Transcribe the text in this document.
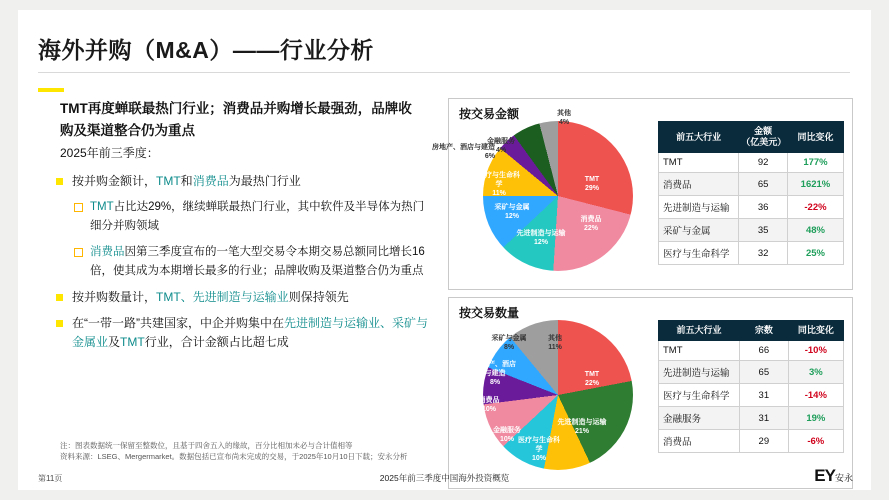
海外并购（M&A）——行业分析
TMT再度蝉联最热门行业；消费品并购增长最强劲，品牌收购及渠道整合仍为重点
2025年前三季度：
按并购金额计，TMT和消费品为最热门行业
TMT占比达29%，继续蝉联最热门行业，其中软件及半导体为热门细分并购领域
消费品因第三季度宣布的一笔大型交易令本期交易总额同比增长16倍，使其成为本期增长最多的行业；品牌收购及渠道整合仍为重点
按并购数量计，TMT、先进制造与运输业则保持领先
在“一带一路”共建国家，中企并购集中在先进制造与运输业、采矿与金属业及TMT行业，合计金额占比超七成
注：图表数据统一保留至整数位，且基于四舍五入的缘故，百分比相加未必与合计值相等
资料来源：LSEG、Mergermarket。数据包括已宣布尚未完成的交易，于2025年10月10日下载；安永分析
按交易金额
TMT
29%
消费品
22%
先进制造与运输
12%
采矿与金属
12%
医疗与生命科学
11%
金融服务
4%
房地产、酒店与建造
6%
其他
4%
前五大行业	金额
（亿美元）	同比变化
TMT	92	177%
消费品	65	1621%
先进制造与运输	36	-22%
采矿与金属	35	48%
医疗与生命科学	32	25%
按交易数量
TMT
22%
先进制造与运输
21%
医疗与生命科学
10%
金融服务
10%
消费品
10%
房地产、酒店与建造
8%
采矿与金属
8%
其他
11%
前五大行业	宗数	同比变化
TMT	66	-10%
先进制造与运输	65	3%
医疗与生命科学	31	-14%
金融服务	31	19%
消费品	29	-6%
第11页	2025年前三季度中国海外投资概览	EY安永
